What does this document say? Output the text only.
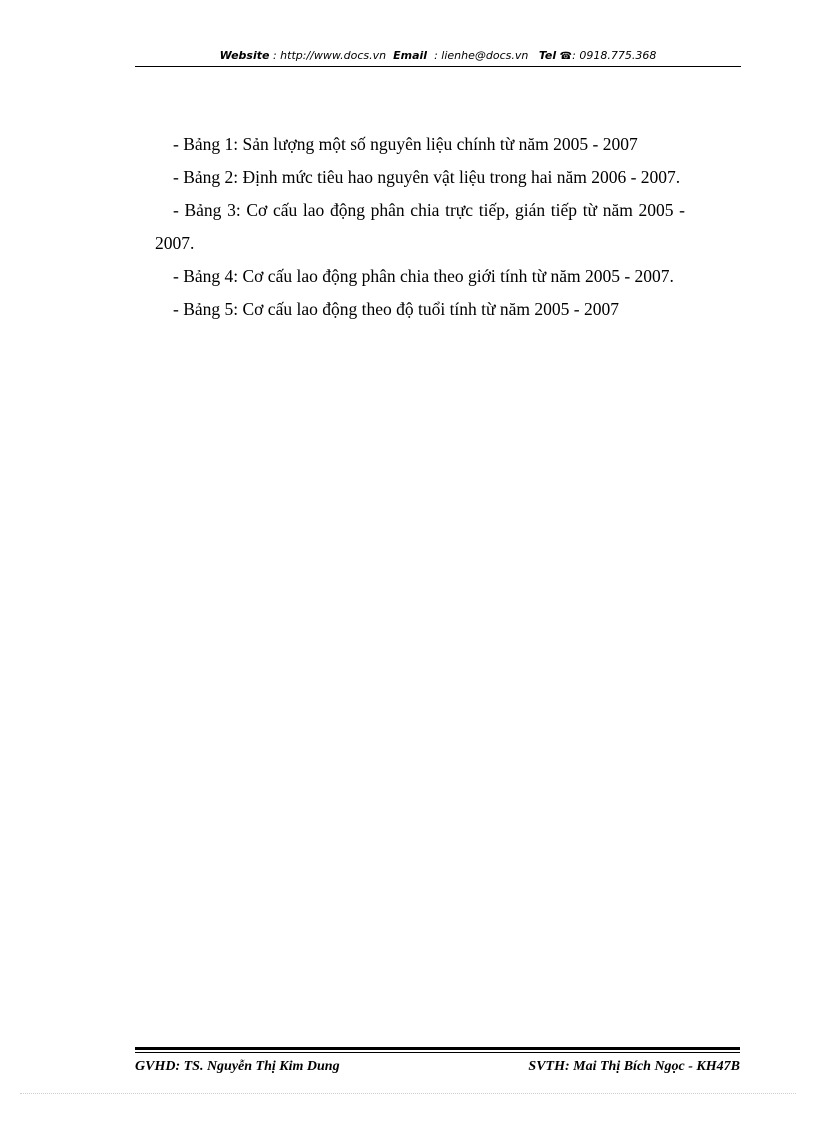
Website : http://www.docs.vn Email : lienhe@docs.vn Tel ☎: 0918.775.368

- Bảng 1: Sản lượng một số nguyên liệu chính từ năm 2005 - 2007

- Bảng 2: Định mức tiêu hao nguyên vật liệu trong hai năm 2006 - 2007.

- Bảng 3: Cơ cấu lao động phân chia trực tiếp, gián tiếp từ năm 2005 - 2007.

- Bảng 4: Cơ cấu lao động phân chia theo giới tính từ năm 2005 - 2007.

- Bảng 5: Cơ cấu lao động theo độ tuổi tính từ năm 2005 - 2007

GVHD: TS. Nguyễn Thị Kim Dung	SVTH: Mai Thị Bích Ngọc - KH47B
